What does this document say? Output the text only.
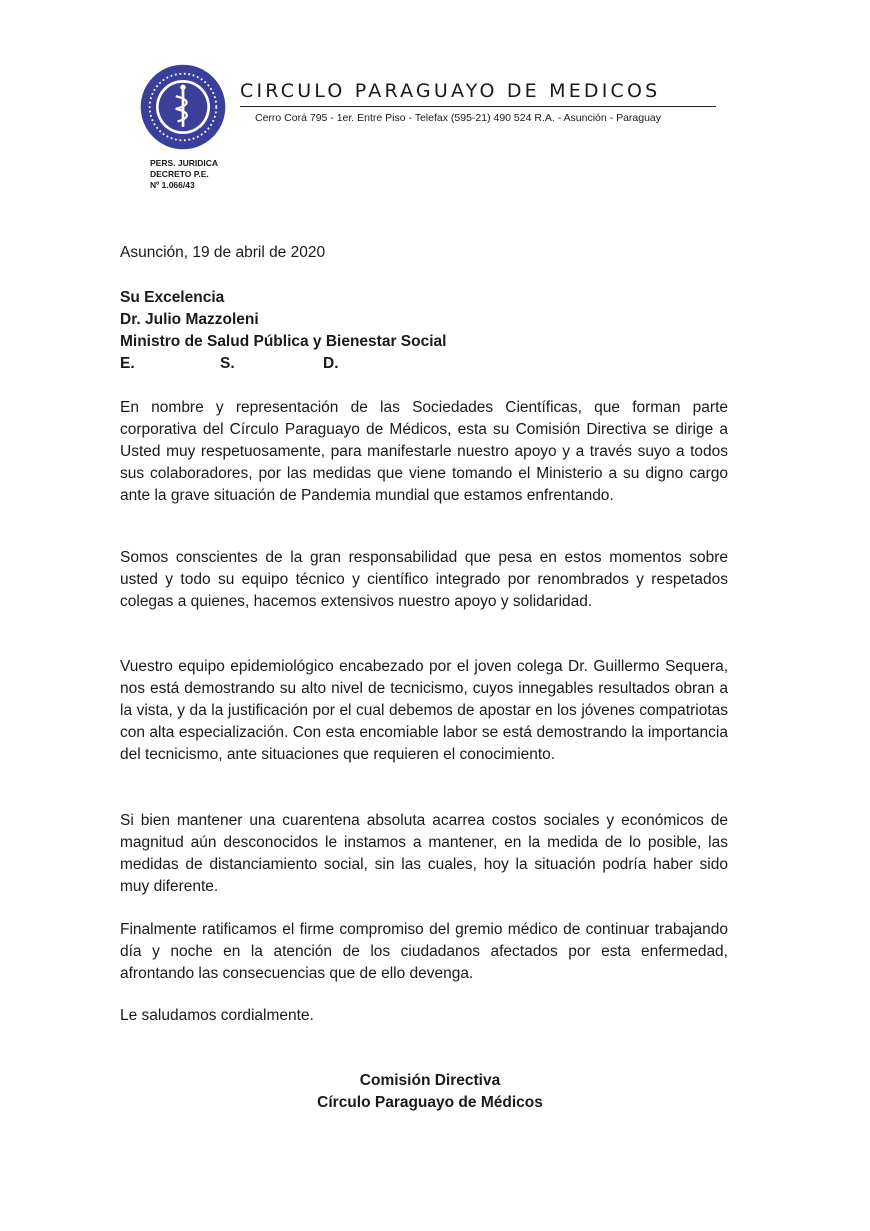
CIRCULO PARAGUAYO DE MEDICOS
Cerro Corá 795 - 1er. Entre Piso - Telefax (595-21) 490 524 R.A. - Asunción - Paraguay
PERS. JURIDICA
DECRETO P.E.
Nº 1.066/43
Asunción, 19 de abril de 2020
Su Excelencia
Dr. Julio Mazzoleni
Ministro de Salud Pública y Bienestar Social
E.	S.	D.

En nombre y representación de las Sociedades Científicas, que forman parte corporativa del Círculo Paraguayo de Médicos, esta su Comisión Directiva se dirige a Usted muy respetuosamente, para manifestarle nuestro apoyo y a través suyo a todos sus colaboradores, por las medidas que viene tomando el Ministerio a su digno cargo ante la grave situación de Pandemia mundial que estamos enfrentando.

Somos conscientes de la gran responsabilidad que pesa en estos momentos sobre usted y todo su equipo técnico y científico integrado por renombrados y respetados colegas a quienes, hacemos extensivos nuestro apoyo y solidaridad.

Vuestro equipo epidemiológico encabezado por el joven colega Dr. Guillermo Sequera, nos está demostrando su alto nivel de tecnicismo, cuyos innegables resultados obran a la vista, y da la justificación por el cual debemos de apostar en los jóvenes compatriotas con alta especialización. Con esta encomiable labor se está demostrando la importancia del tecnicismo, ante situaciones que requieren el conocimiento.

Si bien mantener una cuarentena absoluta acarrea costos sociales y económicos de magnitud aún desconocidos le instamos a mantener, en la medida de lo posible, las medidas de distanciamiento social, sin las cuales, hoy la situación podría haber sido muy diferente.

Finalmente ratificamos el firme compromiso del gremio médico de continuar trabajando día y noche en la atención de los ciudadanos afectados por esta enfermedad, afrontando las consecuencias que de ello devenga.

Le saludamos cordialmente.

Comisión Directiva
Círculo Paraguayo de Médicos
